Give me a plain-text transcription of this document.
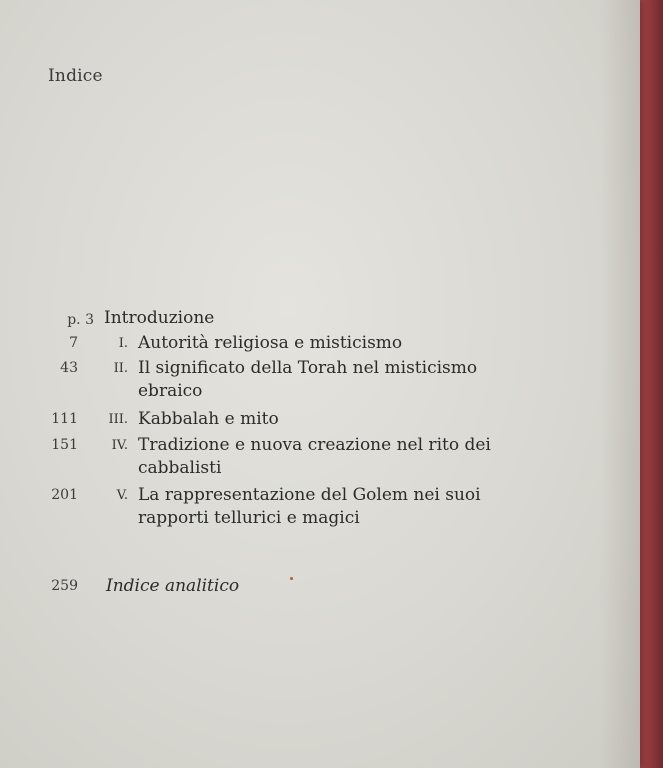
Indice
p. 3 Introduzione
7	I. Autorità religiosa e misticismo
43	II. Il significato della Torah nel misticismo
ebraico
111	III. Kabbalah e mito
151	IV. Tradizione e nuova creazione nel rito dei
cabbalisti
201	V. La rappresentazione del Golem nei suoi
rapporti tellurici e magici
259 Indice analitico
